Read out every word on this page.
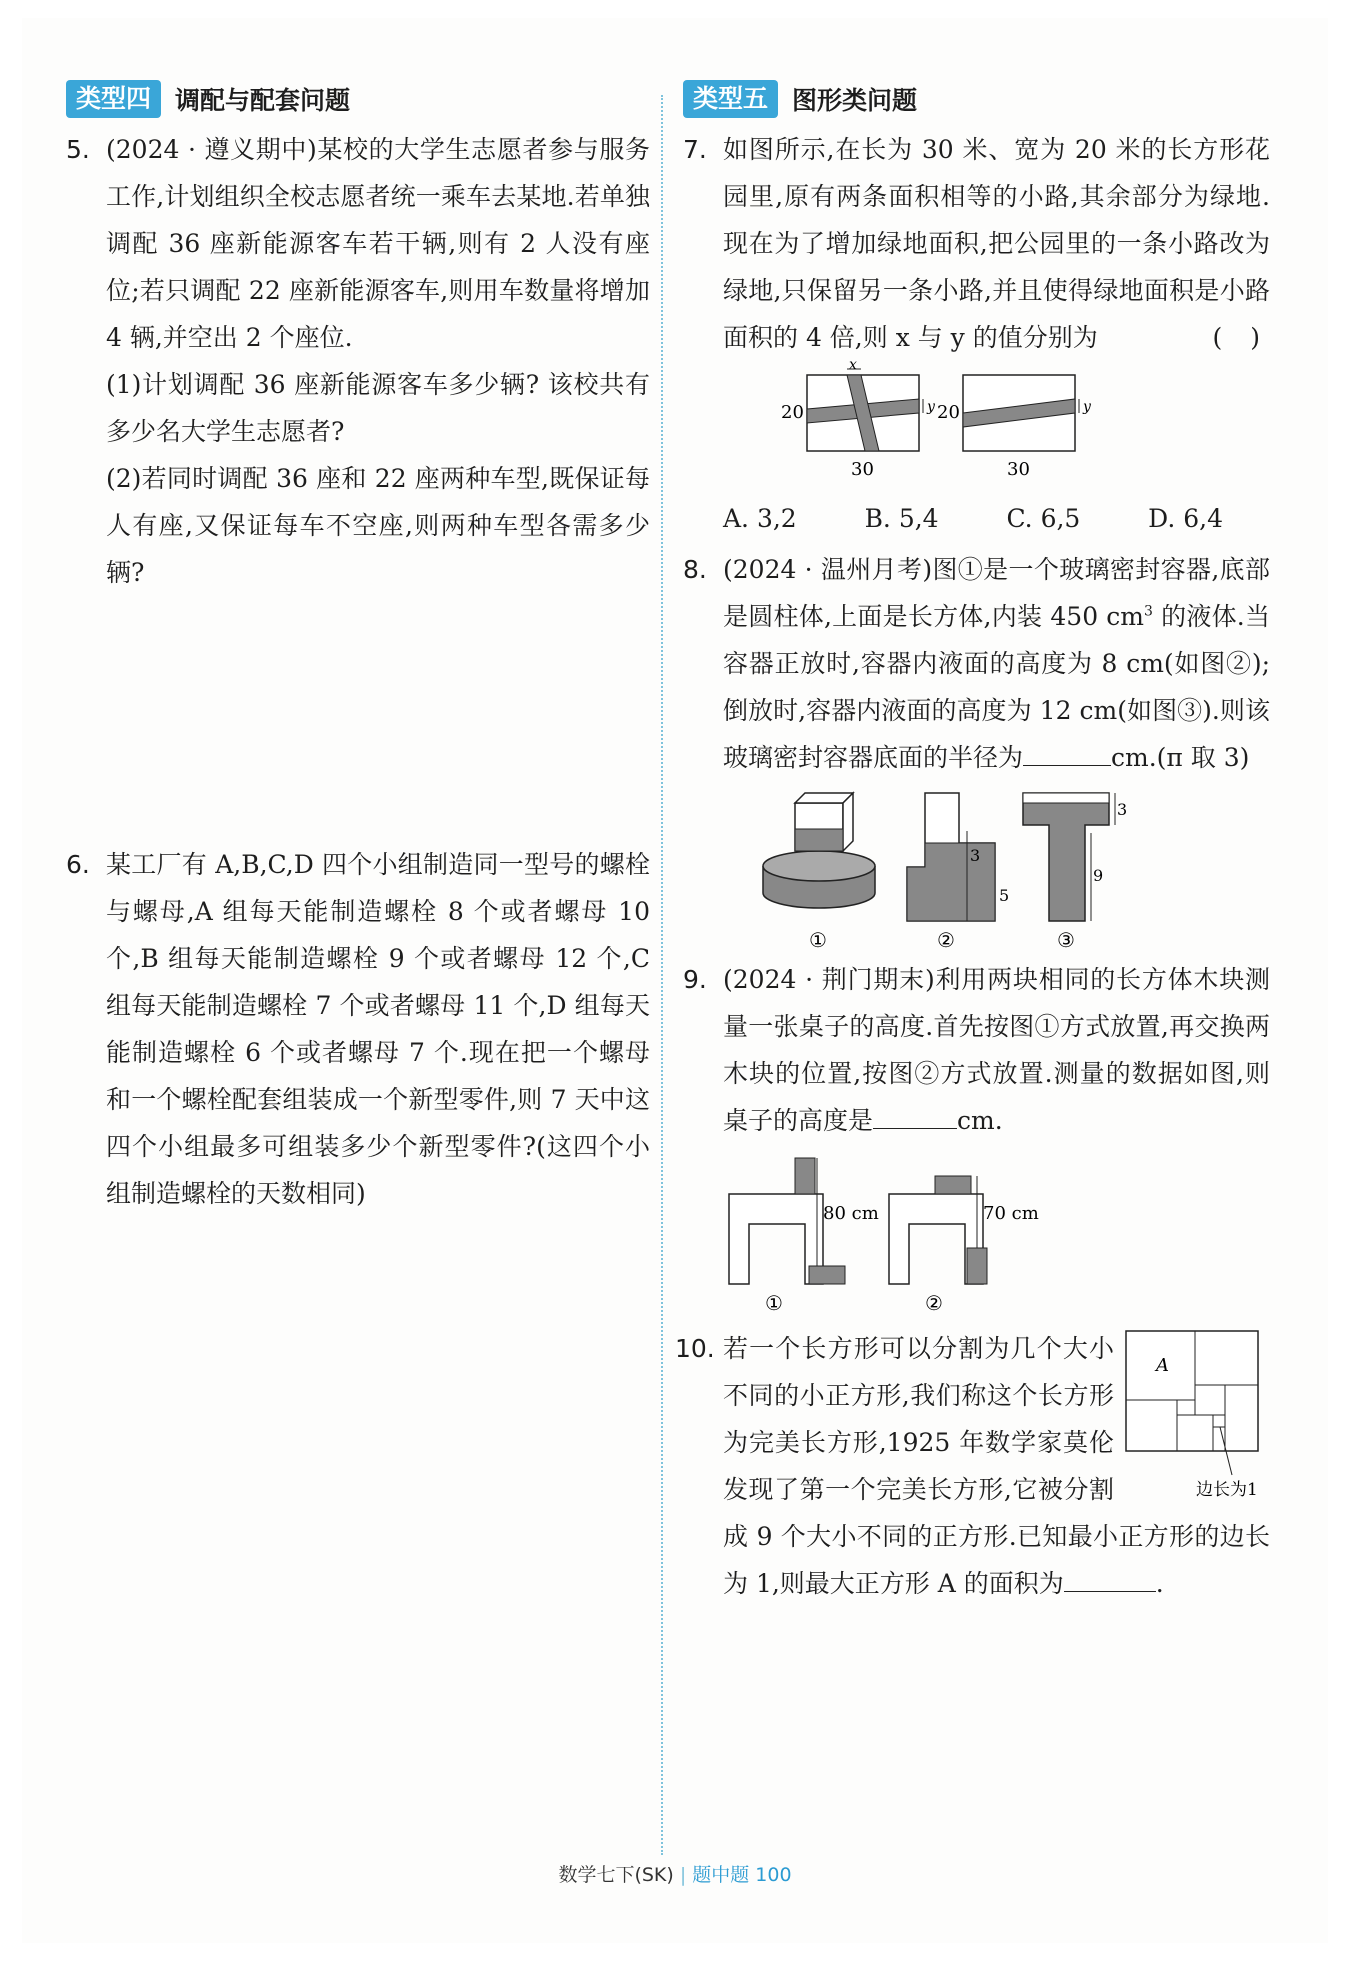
类型四 调配与配套问题
5. (2024 · 遵义期中)某校的大学生志愿者参与服务工作,计划组织全校志愿者统一乘车去某地.若单独调配 36 座新能源客车若干辆,则有 2 人没有座位;若只调配 22 座新能源客车,则用车数量将增加 4 辆,并空出 2 个座位.

(1)计划调配 36 座新能源客车多少辆? 该校共有多少名大学生志愿者?

(2)若同时调配 36 座和 22 座两种车型,既保证每人有座,又保证每车不空座,则两种车型各需多少辆?

6. 某工厂有 A,B,C,D 四个小组制造同一型号的螺栓与螺母,A 组每天能制造螺栓 8 个或者螺母 10 个,B 组每天能制造螺栓 9 个或者螺母 12 个,C 组每天能制造螺栓 7 个或者螺母 11 个,D 组每天能制造螺栓 6 个或者螺母 7 个.现在把一个螺母和一个螺栓配套组装成一个新型零件,则 7 天中这四个小组最多可组装多少个新型零件?(这四个小组制造螺栓的天数相同)

类型五 图形类问题
7. 如图所示,在长为 30 米、宽为 20 米的长方形花园里,原有两条面积相等的小路,其余部分为绿地.现在为了增加绿地面积,把公园里的一条小路改为绿地,只保留另一条小路,并且使得绿地面积是小路面积的 4 倍,则 x 与 y 的值分别为	( )

x
y
20
30
y
20
30
A. 3,2	B. 5,4	C. 6,5	D. 6,4
8. (2024 · 温州月考)图①是一个玻璃密封容器,底部是圆柱体,上面是长方体,内装 450 $cm^3$ 的液体.当容器正放时,容器内液面的高度为 8 cm(如图②);倒放时,容器内液面的高度为 12 cm(如图③).则该玻璃密封容器底面的半径为	cm.(π 取 3)

①
3
5
②
3
9
③
9. (2024 · 荆门期末)利用两块相同的长方体木块测量一张桌子的高度.首先按图①方式放置,再交换两木块的位置,按图②方式放置.测量的数据如图,则桌子的高度是	cm.

80 cm
①
70 cm
②
10.
A
边长为1

若一个长方形可以分割为几个大小不同的小正方形,我们称这个长方形为完美长方形,1925 年数学家莫伦发现了第一个完美长方形,它被分割成 9 个大小不同的正方形.已知最小正方形的边长为 1,则最大正方形 A 的面积为	.

数学七下(SK) | 题中题 100
